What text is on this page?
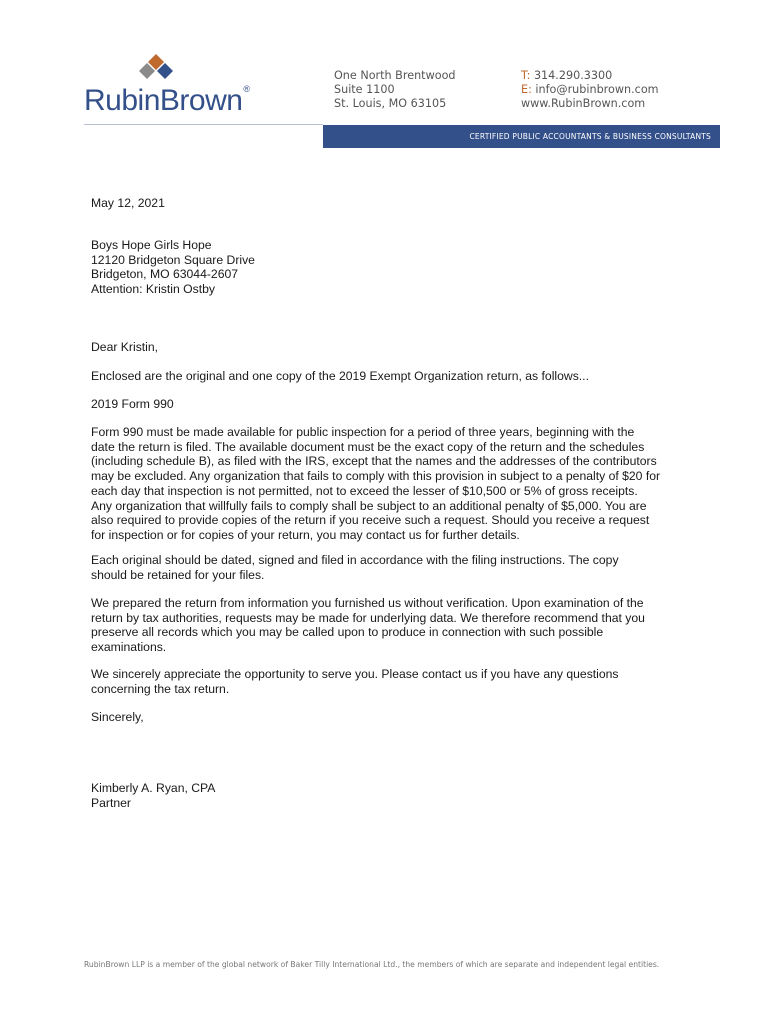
RubinBrown®
One North Brentwood
Suite 1100
St. Louis, MO 63105
T: 314.290.3300
E: info@rubinbrown.com
www.RubinBrown.com
CERTIFIED PUBLIC ACCOUNTANTS & BUSINESS CONSULTANTS
May 12, 2021

Boys Hope Girls Hope

12120 Bridgeton Square Drive

Bridgeton, MO 63044-2607

Attention: Kristin Ostby

Dear Kristin,
Enclosed are the original and one copy of the 2019 Exempt Organization return, as follows...
2019 Form 990

Form 990 must be made available for public inspection for a period of three years, beginning with the

date the return is filed. The available document must be the exact copy of the return and the schedules

(including schedule B), as filed with the IRS, except that the names and the addresses of the contributors

may be excluded. Any organization that fails to comply with this provision in subject to a penalty of $20 for

each day that inspection is not permitted, not to exceed the lesser of $10,500 or 5% of gross receipts.

Any organization that willfully fails to comply shall be subject to an additional penalty of $5,000. You are

also required to provide copies of the return if you receive such a request. Should you receive a request

for inspection or for copies of your return, you may contact us for further details.

Each original should be dated, signed and filed in accordance with the filing instructions. The copy

should be retained for your files.

We prepared the return from information you furnished us without verification. Upon examination of the

return by tax authorities, requests may be made for underlying data. We therefore recommend that you

preserve all records which you may be called upon to produce in connection with such possible

examinations.

We sincerely appreciate the opportunity to serve you. Please contact us if you have any questions

concerning the tax return.

Sincerely,

Kimberly A. Ryan, CPA

Partner

RubinBrown LLP is a member of the global network of Baker Tilly International Ltd., the members of which are separate and independent legal entities.
